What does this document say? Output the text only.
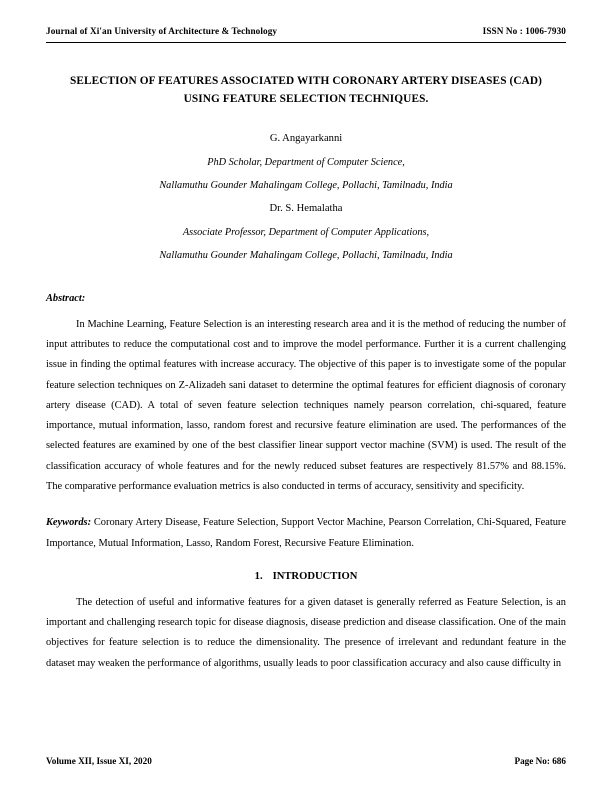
Journal of Xi'an University of Architecture & Technology	ISSN No : 1006-7930
SELECTION OF FEATURES ASSOCIATED WITH CORONARY ARTERY DISEASES (CAD)
USING FEATURE SELECTION TECHNIQUES.
G. Angayarkanni
PhD Scholar, Department of Computer Science,
Nallamuthu Gounder Mahalingam College, Pollachi, Tamilnadu, India
Dr. S. Hemalatha
Associate Professor, Department of Computer Applications,
Nallamuthu Gounder Mahalingam College, Pollachi, Tamilnadu, India
Abstract:

In Machine Learning, Feature Selection is an interesting research area and it is the method of reducing the number of input attributes to reduce the computational cost and to improve the model performance. Further it is a current challenging issue in finding the optimal features with increase accuracy. The objective of this paper is to investigate some of the popular feature selection techniques on Z-Alizadeh sani dataset to determine the optimal features for efficient diagnosis of coronary artery disease (CAD). A total of seven feature selection techniques namely pearson correlation, chi-squared, feature importance, mutual information, lasso, random forest and recursive feature elimination are used. The performances of the selected features are examined by one of the best classifier linear support vector machine (SVM) is used. The result of the classification accuracy of whole features and for the newly reduced subset features are respectively 81.57% and 88.15%. The comparative performance evaluation metrics is also conducted in terms of accuracy, sensitivity and specificity.

Keywords: Coronary Artery Disease, Feature Selection, Support Vector Machine, Pearson Correlation, Chi-Squared, Feature Importance, Mutual Information, Lasso, Random Forest, Recursive Feature Elimination.
1. INTRODUCTION

The detection of useful and informative features for a given dataset is generally referred as Feature Selection, is an important and challenging research topic for disease diagnosis, disease prediction and disease classification. One of the main objectives for feature selection is to reduce the dimensionality. The presence of irrelevant and redundant feature in the dataset may weaken the performance of algorithms, usually leads to poor classification accuracy and also cause difficulty in

Volume XII, Issue XI, 2020	Page No: 686
